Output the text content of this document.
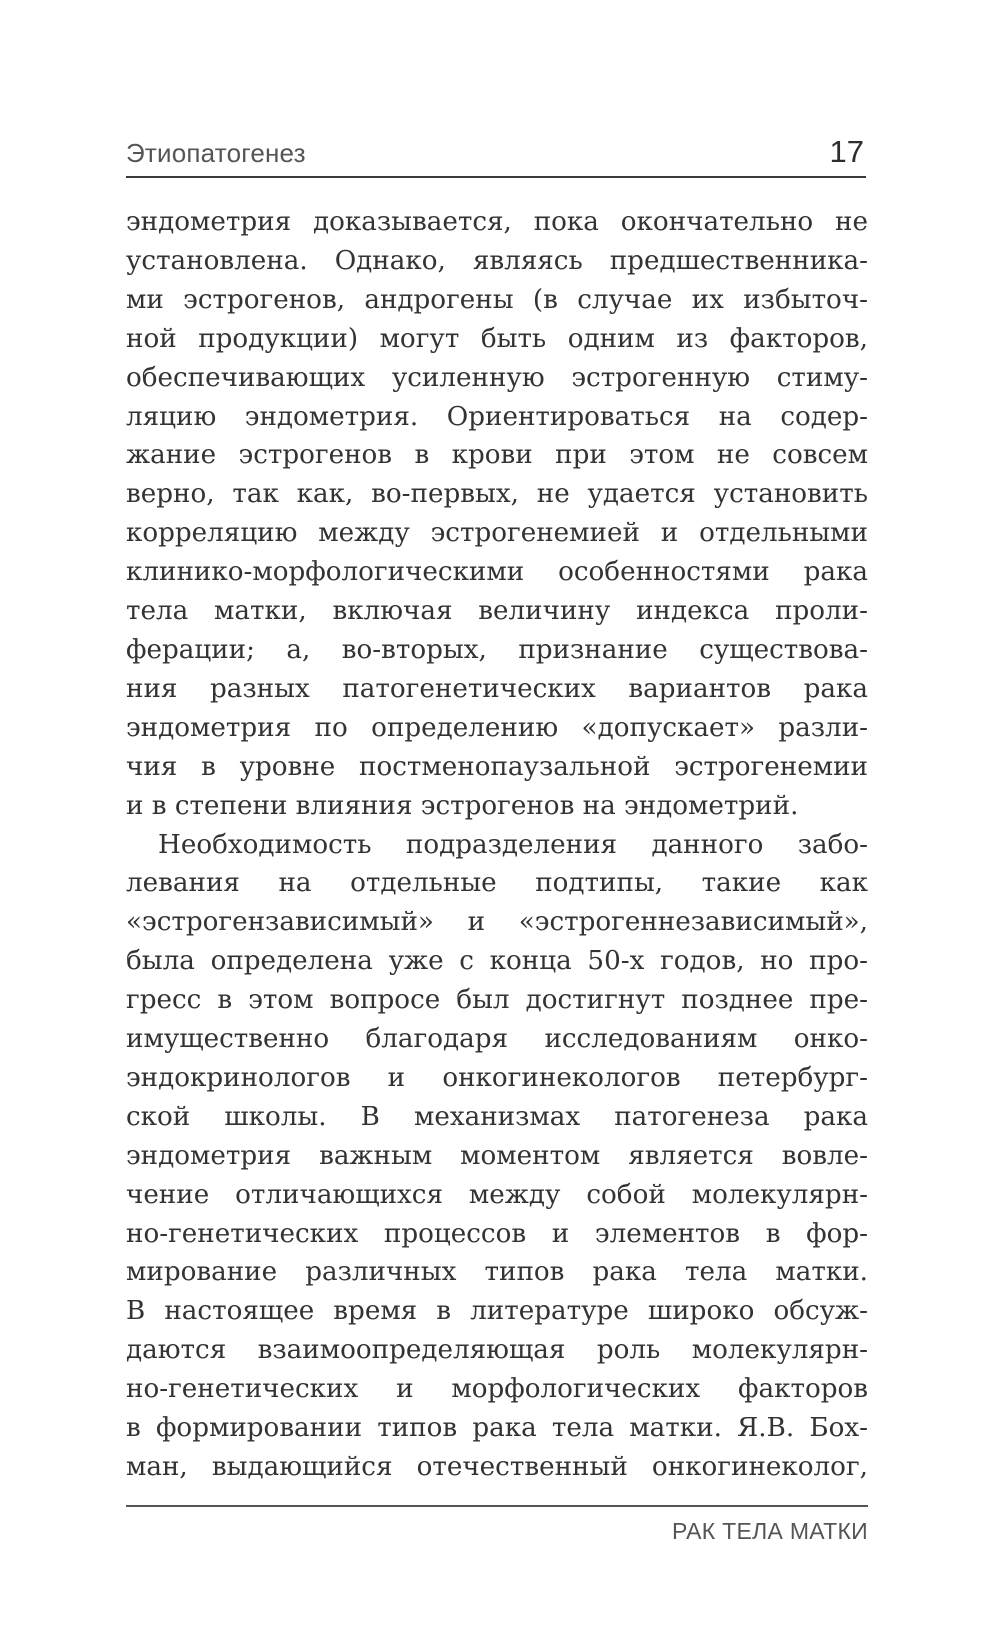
Этиопатогенез	17

эндометрия доказывается, пока окончательно не
установлена. Однако, являясь предшественника-
ми эстрогенов, андрогены (в случае их избыточ-
ной продукции) могут быть одним из факторов,
обеспечивающих усиленную эстрогенную стиму-
ляцию эндометрия. Ориентироваться на содер-
жание эстрогенов в крови при этом не совсем
верно, так как, во-первых, не удается установить
корреляцию между эстрогенемией и отдельными
клинико-морфологическими особенностями рака
тела матки, включая величину индекса проли-
ферации; а, во-вторых, признание существова-
ния разных патогенетических вариантов рака
эндометрия по определению «допускает» разли-
чия в уровне постменопаузальной эстрогенемии
и в степени влияния эстрогенов на эндометрий.

Необходимость подразделения данного забо-
левания на отдельные подтипы, такие как
«эстрогензависимый» и «эстрогеннезависимый»,
была определена уже с конца 50-х годов, но про-
гресс в этом вопросе был достигнут позднее пре-
имущественно благодаря исследованиям онко-
эндокринологов и онкогинекологов петербург-
ской школы. В механизмах патогенеза рака
эндометрия важным моментом является вовле-
чение отличающихся между собой молекулярн-
но-генетических процессов и элементов в фор-
мирование различных типов рака тела матки.
В настоящее время в литературе широко обсуж-
даются взаимоопределяющая роль молекулярн-
но-генетических и морфологических факторов
в формировании типов рака тела матки. Я.В. Бох-
ман, выдающийся отечественный онкогинеколог,

РАК ТЕЛА МАТКИ
